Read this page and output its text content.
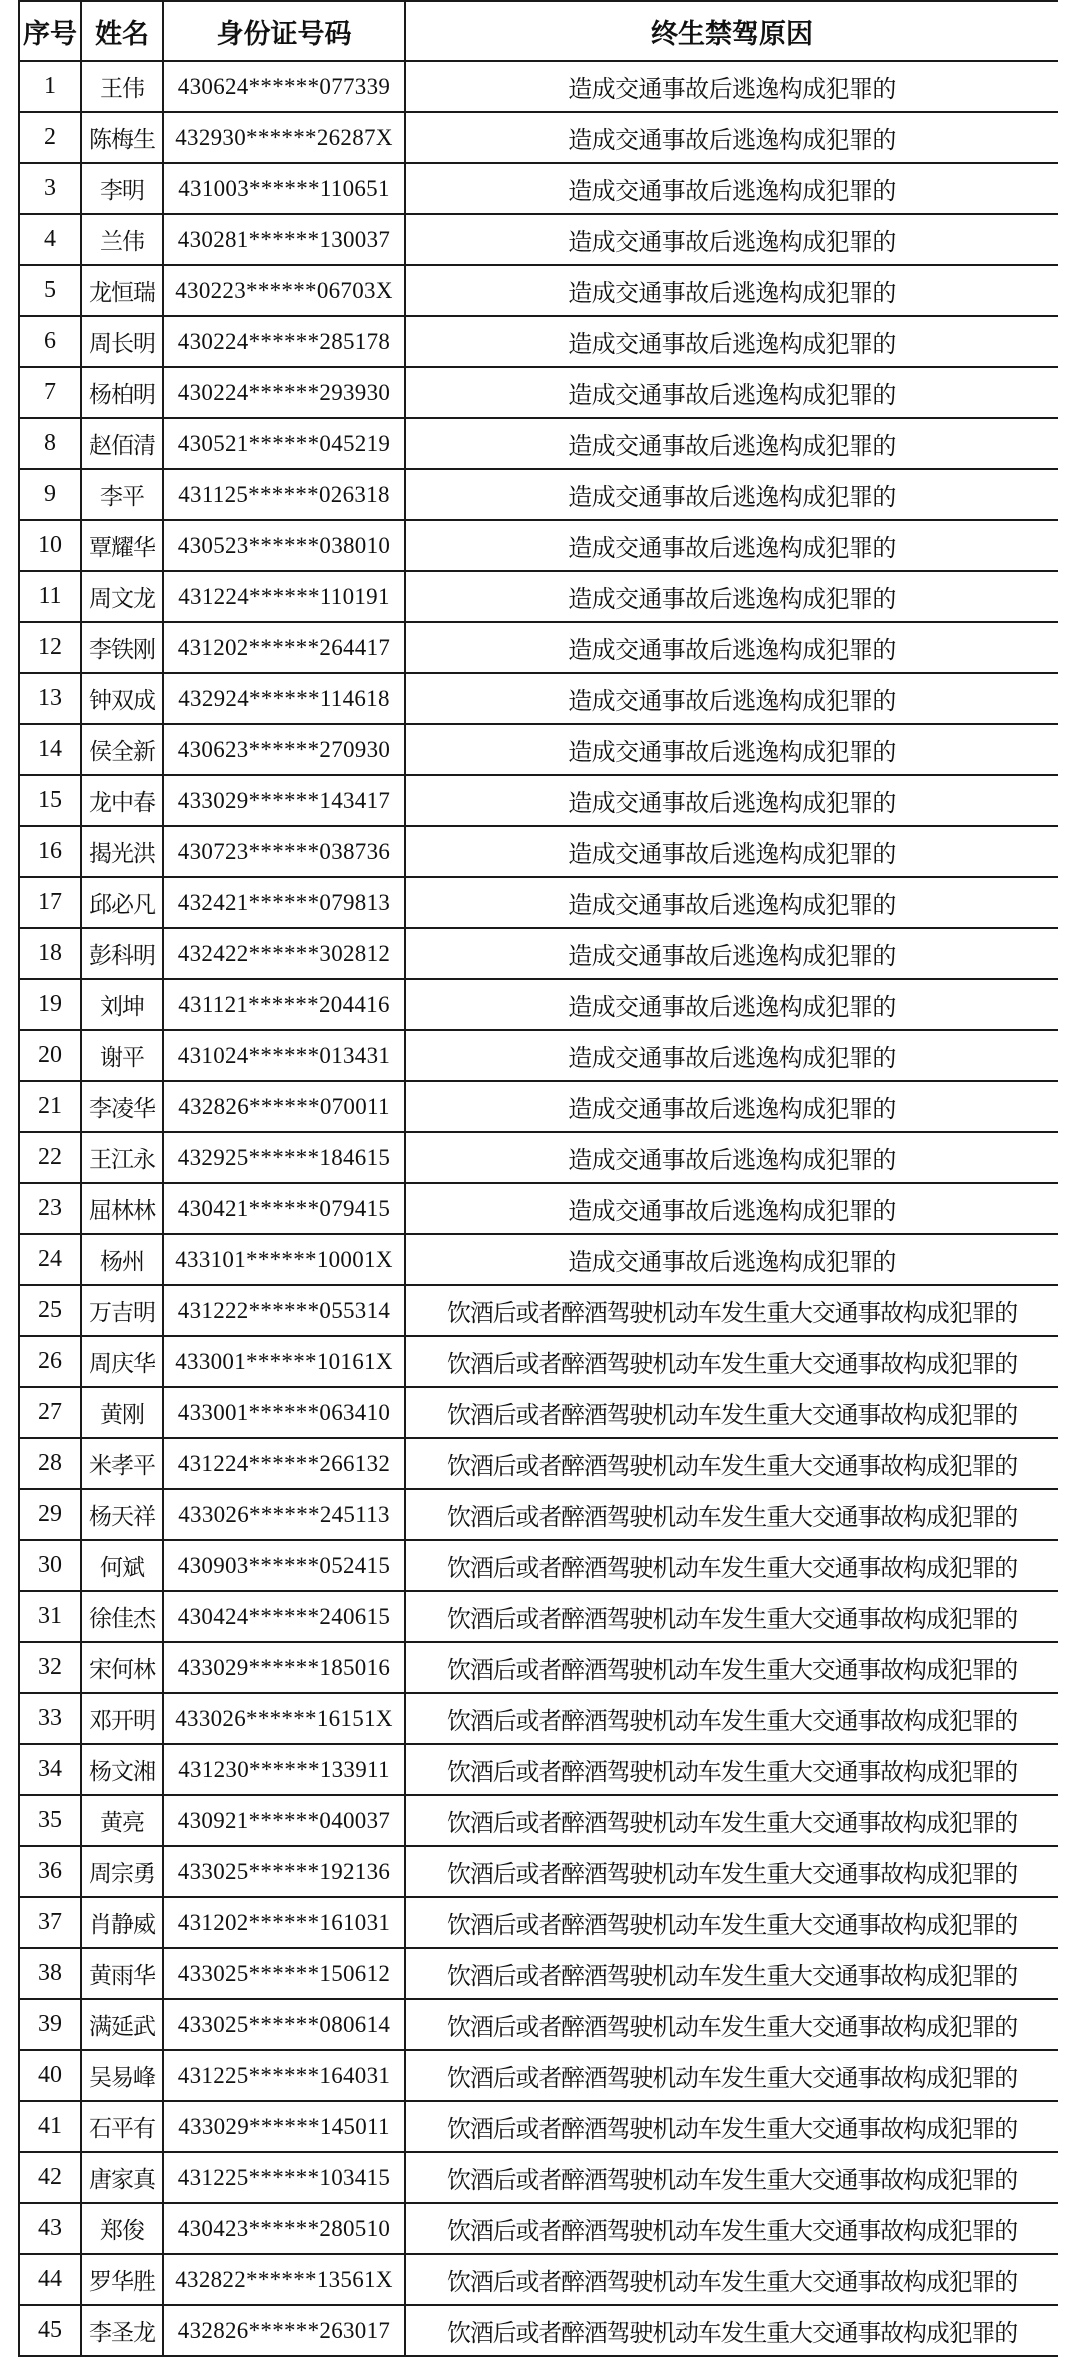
序号	姓名	身份证号码	终生禁驾原因
1	王伟	430624******077339	造成交通事故后逃逸构成犯罪的
2	陈梅生	432930******26287X	造成交通事故后逃逸构成犯罪的
3	李明	431003******110651	造成交通事故后逃逸构成犯罪的
4	兰伟	430281******130037	造成交通事故后逃逸构成犯罪的
5	龙恒瑞	430223******06703X	造成交通事故后逃逸构成犯罪的
6	周长明	430224******285178	造成交通事故后逃逸构成犯罪的
7	杨柏明	430224******293930	造成交通事故后逃逸构成犯罪的
8	赵佰清	430521******045219	造成交通事故后逃逸构成犯罪的
9	李平	431125******026318	造成交通事故后逃逸构成犯罪的
10	覃耀华	430523******038010	造成交通事故后逃逸构成犯罪的
11	周文龙	431224******110191	造成交通事故后逃逸构成犯罪的
12	李铁刚	431202******264417	造成交通事故后逃逸构成犯罪的
13	钟双成	432924******114618	造成交通事故后逃逸构成犯罪的
14	侯全新	430623******270930	造成交通事故后逃逸构成犯罪的
15	龙中春	433029******143417	造成交通事故后逃逸构成犯罪的
16	揭光洪	430723******038736	造成交通事故后逃逸构成犯罪的
17	邱必凡	432421******079813	造成交通事故后逃逸构成犯罪的
18	彭科明	432422******302812	造成交通事故后逃逸构成犯罪的
19	刘坤	431121******204416	造成交通事故后逃逸构成犯罪的
20	谢平	431024******013431	造成交通事故后逃逸构成犯罪的
21	李凌华	432826******070011	造成交通事故后逃逸构成犯罪的
22	王江永	432925******184615	造成交通事故后逃逸构成犯罪的
23	屈林林	430421******079415	造成交通事故后逃逸构成犯罪的
24	杨州	433101******10001X	造成交通事故后逃逸构成犯罪的
25	万吉明	431222******055314	饮酒后或者醉酒驾驶机动车发生重大交通事故构成犯罪的
26	周庆华	433001******10161X	饮酒后或者醉酒驾驶机动车发生重大交通事故构成犯罪的
27	黄刚	433001******063410	饮酒后或者醉酒驾驶机动车发生重大交通事故构成犯罪的
28	米孝平	431224******266132	饮酒后或者醉酒驾驶机动车发生重大交通事故构成犯罪的
29	杨天祥	433026******245113	饮酒后或者醉酒驾驶机动车发生重大交通事故构成犯罪的
30	何斌	430903******052415	饮酒后或者醉酒驾驶机动车发生重大交通事故构成犯罪的
31	徐佳杰	430424******240615	饮酒后或者醉酒驾驶机动车发生重大交通事故构成犯罪的
32	宋何林	433029******185016	饮酒后或者醉酒驾驶机动车发生重大交通事故构成犯罪的
33	邓开明	433026******16151X	饮酒后或者醉酒驾驶机动车发生重大交通事故构成犯罪的
34	杨文湘	431230******133911	饮酒后或者醉酒驾驶机动车发生重大交通事故构成犯罪的
35	黄亮	430921******040037	饮酒后或者醉酒驾驶机动车发生重大交通事故构成犯罪的
36	周宗勇	433025******192136	饮酒后或者醉酒驾驶机动车发生重大交通事故构成犯罪的
37	肖静威	431202******161031	饮酒后或者醉酒驾驶机动车发生重大交通事故构成犯罪的
38	黄雨华	433025******150612	饮酒后或者醉酒驾驶机动车发生重大交通事故构成犯罪的
39	满延武	433025******080614	饮酒后或者醉酒驾驶机动车发生重大交通事故构成犯罪的
40	吴易峰	431225******164031	饮酒后或者醉酒驾驶机动车发生重大交通事故构成犯罪的
41	石平有	433029******145011	饮酒后或者醉酒驾驶机动车发生重大交通事故构成犯罪的
42	唐家真	431225******103415	饮酒后或者醉酒驾驶机动车发生重大交通事故构成犯罪的
43	郑俊	430423******280510	饮酒后或者醉酒驾驶机动车发生重大交通事故构成犯罪的
44	罗华胜	432822******13561X	饮酒后或者醉酒驾驶机动车发生重大交通事故构成犯罪的
45	李圣龙	432826******263017	饮酒后或者醉酒驾驶机动车发生重大交通事故构成犯罪的
